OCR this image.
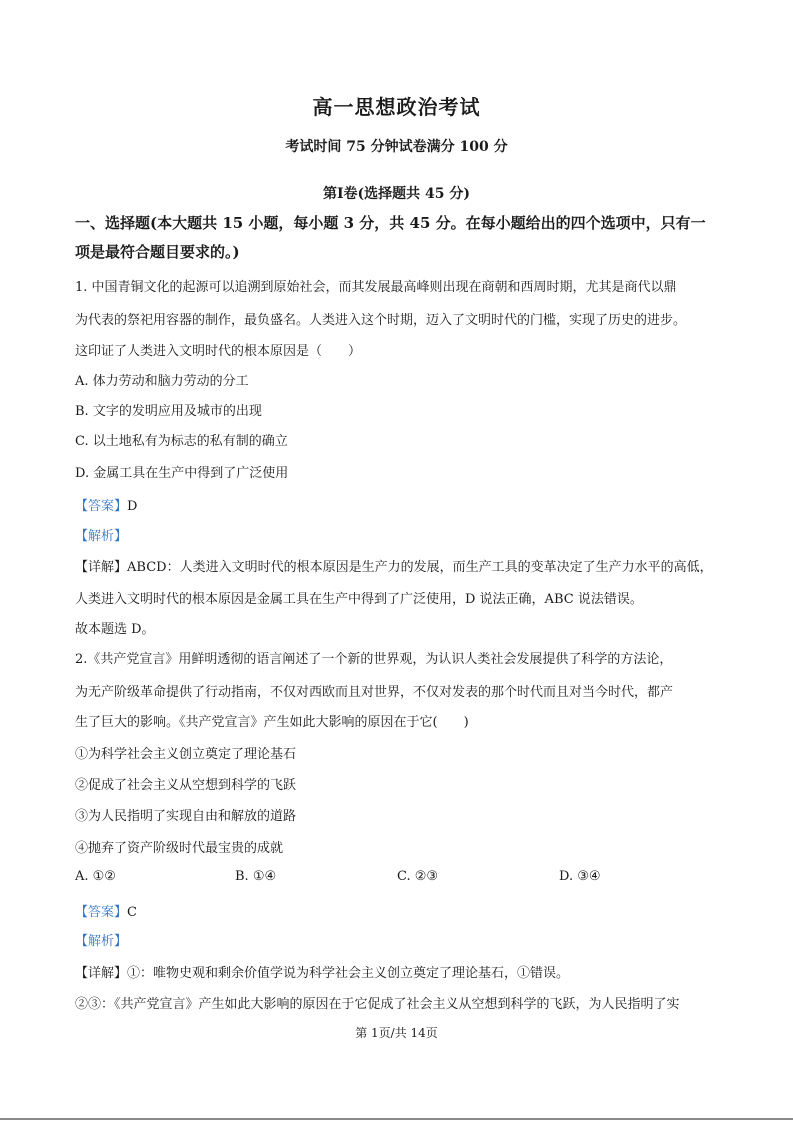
高一思想政治考试
考试时间 75 分钟试卷满分 100 分
第Ⅰ卷(选择题共 45 分)
一、选择题(本大题共 15 小题，每小题 3 分，共 45 分。在每小题给出的四个选项中，只有一
项是最符合题目要求的。)
1. 中国青铜文化的起源可以追溯到原始社会，而其发展最高峰则出现在商朝和西周时期，尤其是商代以鼎
为代表的祭祀用容器的制作，最负盛名。人类进入这个时期，迈入了文明时代的门槛，实现了历史的进步。
这印证了人类进入文明时代的根本原因是（　　）
A. 体力劳动和脑力劳动的分工
B. 文字的发明应用及城市的出现
C. 以土地私有为标志的私有制的确立
D. 金属工具在生产中得到了广泛使用
【答案】D
【解析】
【详解】ABCD：人类进入文明时代的根本原因是生产力的发展，而生产工具的变革决定了生产力水平的高低，
人类进入文明时代的根本原因是金属工具在生产中得到了广泛使用，D 说法正确，ABC 说法错误。
故本题选 D。
2.《共产党宣言》用鲜明透彻的语言阐述了一个新的世界观，为认识人类社会发展提供了科学的方法论，
为无产阶级革命提供了行动指南，不仅对西欧而且对世界，不仅对发表的那个时代而且对当今时代，都产
生了巨大的影响。《共产党宣言》产生如此大影响的原因在于它(　　)
①为科学社会主义创立奠定了理论基石
②促成了社会主义从空想到科学的飞跃
③为人民指明了实现自由和解放的道路
④抛弃了资产阶级时代最宝贵的成就
A. ①②	B. ①④	C. ②③	D. ③④
【答案】C
【解析】
【详解】①：唯物史观和剩余价值学说为科学社会主义创立奠定了理论基石，①错误。
②③：《共产党宣言》产生如此大影响的原因在于它促成了社会主义从空想到科学的飞跃，为人民指明了实
第 1页/共 14页
